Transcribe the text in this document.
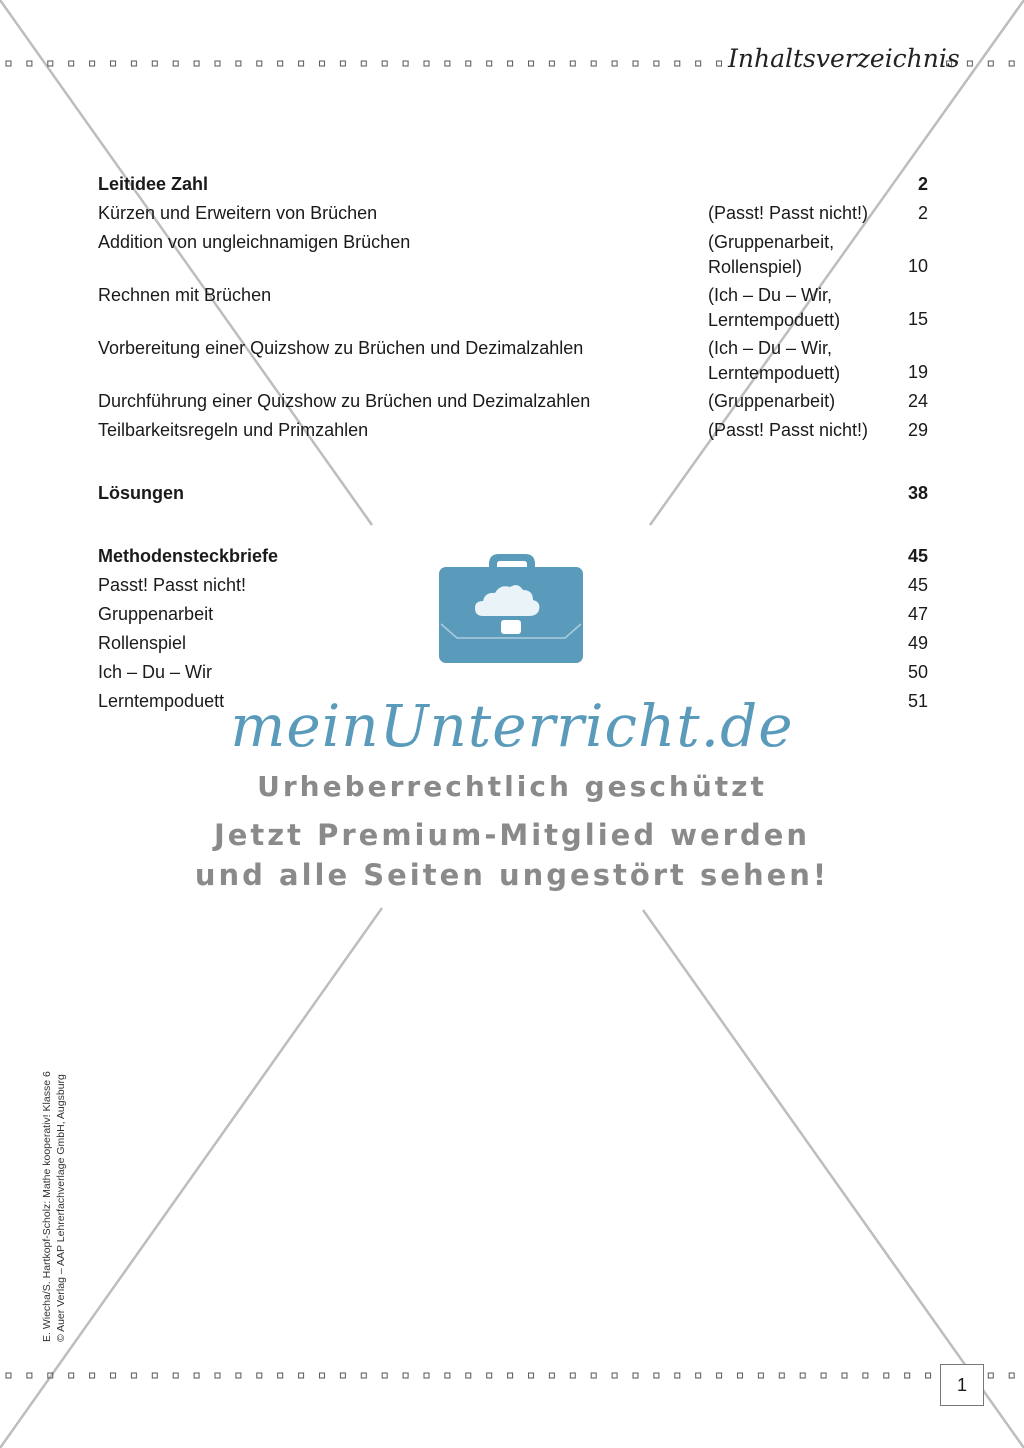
Inhaltsverzeichnis
Leitidee Zahl	2
Kürzen und Erweitern von Brüchen	(Passt! Passt nicht!)	2
Addition von ungleichnamigen Brüchen	(Gruppenarbeit,
Rollenspiel)	10
Rechnen mit Brüchen	(Ich – Du – Wir,
Lerntempoduett)	15
Vorbereitung einer Quizshow zu Brüchen und Dezimalzahlen	(Ich – Du – Wir,
Lerntempoduett)	19
Durchführung einer Quizshow zu Brüchen und Dezimalzahlen	(Gruppenarbeit)	24
Teilbarkeitsregeln und Primzahlen	(Passt! Passt nicht!)	29
Lösungen	38
Methodensteckbriefe	45
Passt! Passt nicht!	45
Gruppenarbeit	47
Rollenspiel	49
Ich – Du – Wir	50
Lerntempoduett	51
meinUnterricht.de
Urheberrechtlich geschützt
Jetzt Premium-Mitglied werden
und alle Seiten ungestört sehen!
E. Wiecha/S. Hartkopf-Scholz: Mathe kooperativ! Klasse 6 © Auer Verlag – AAP Lehrerfachverlage GmbH, Augsburg
1
